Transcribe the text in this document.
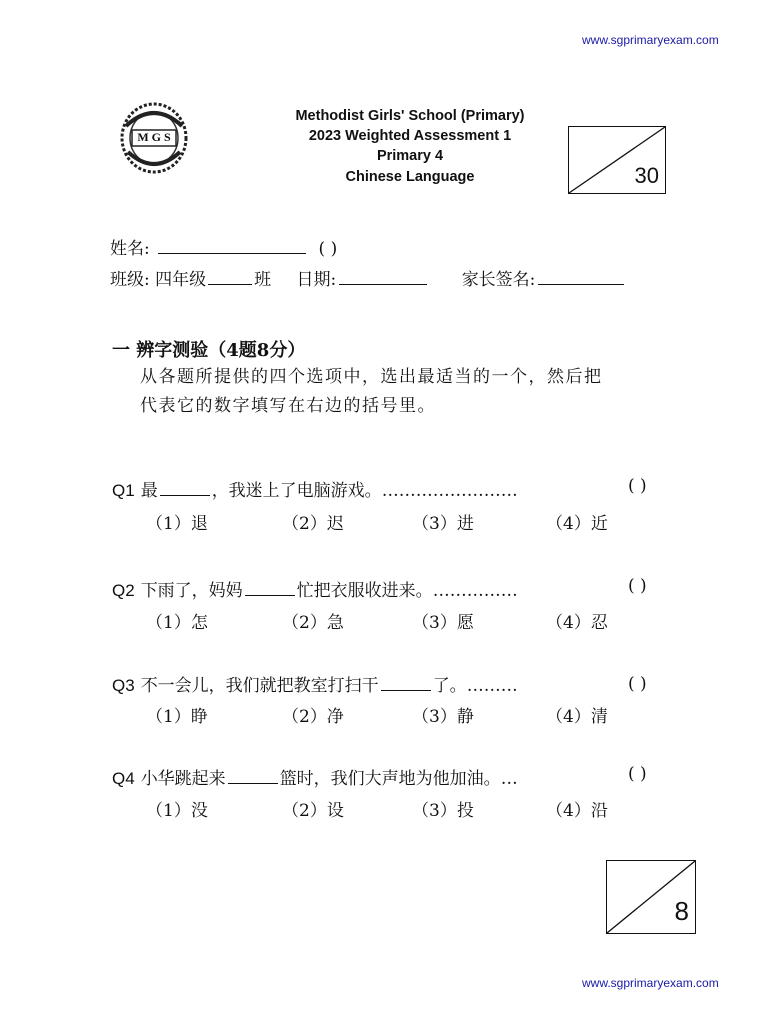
www.sgprimaryexam.com
M G S
Methodist Girls' School (Primary)
2023 Weighted Assessment 1
Primary 4
Chinese Language	30
姓名:	( )
班级: 四年级	班 日期:	家长签名:
一 辨字测验（4题8分）
从各题所提供的四个选项中，选出最适当的一个，然后把
代表它的数字填写在右边的括号里。
Q1 最	，我迷上了电脑游戏。……………………	( )
（1）退	（2）迟	（3）进	（4）近
Q2 下雨了，妈妈	忙把衣服收进来。……………	( )
（1）怎	（2）急	（3）愿	（4）忍
Q3 不一会儿，我们就把教室打扫干	了。………	( )
（1）睁	（2）净	（3）静	（4）清
Q4 小华跳起来	篮时，我们大声地为他加油。…	( )
（1）没	（2）设	（3）投	（4）沿
8
www.sgprimaryexam.com
